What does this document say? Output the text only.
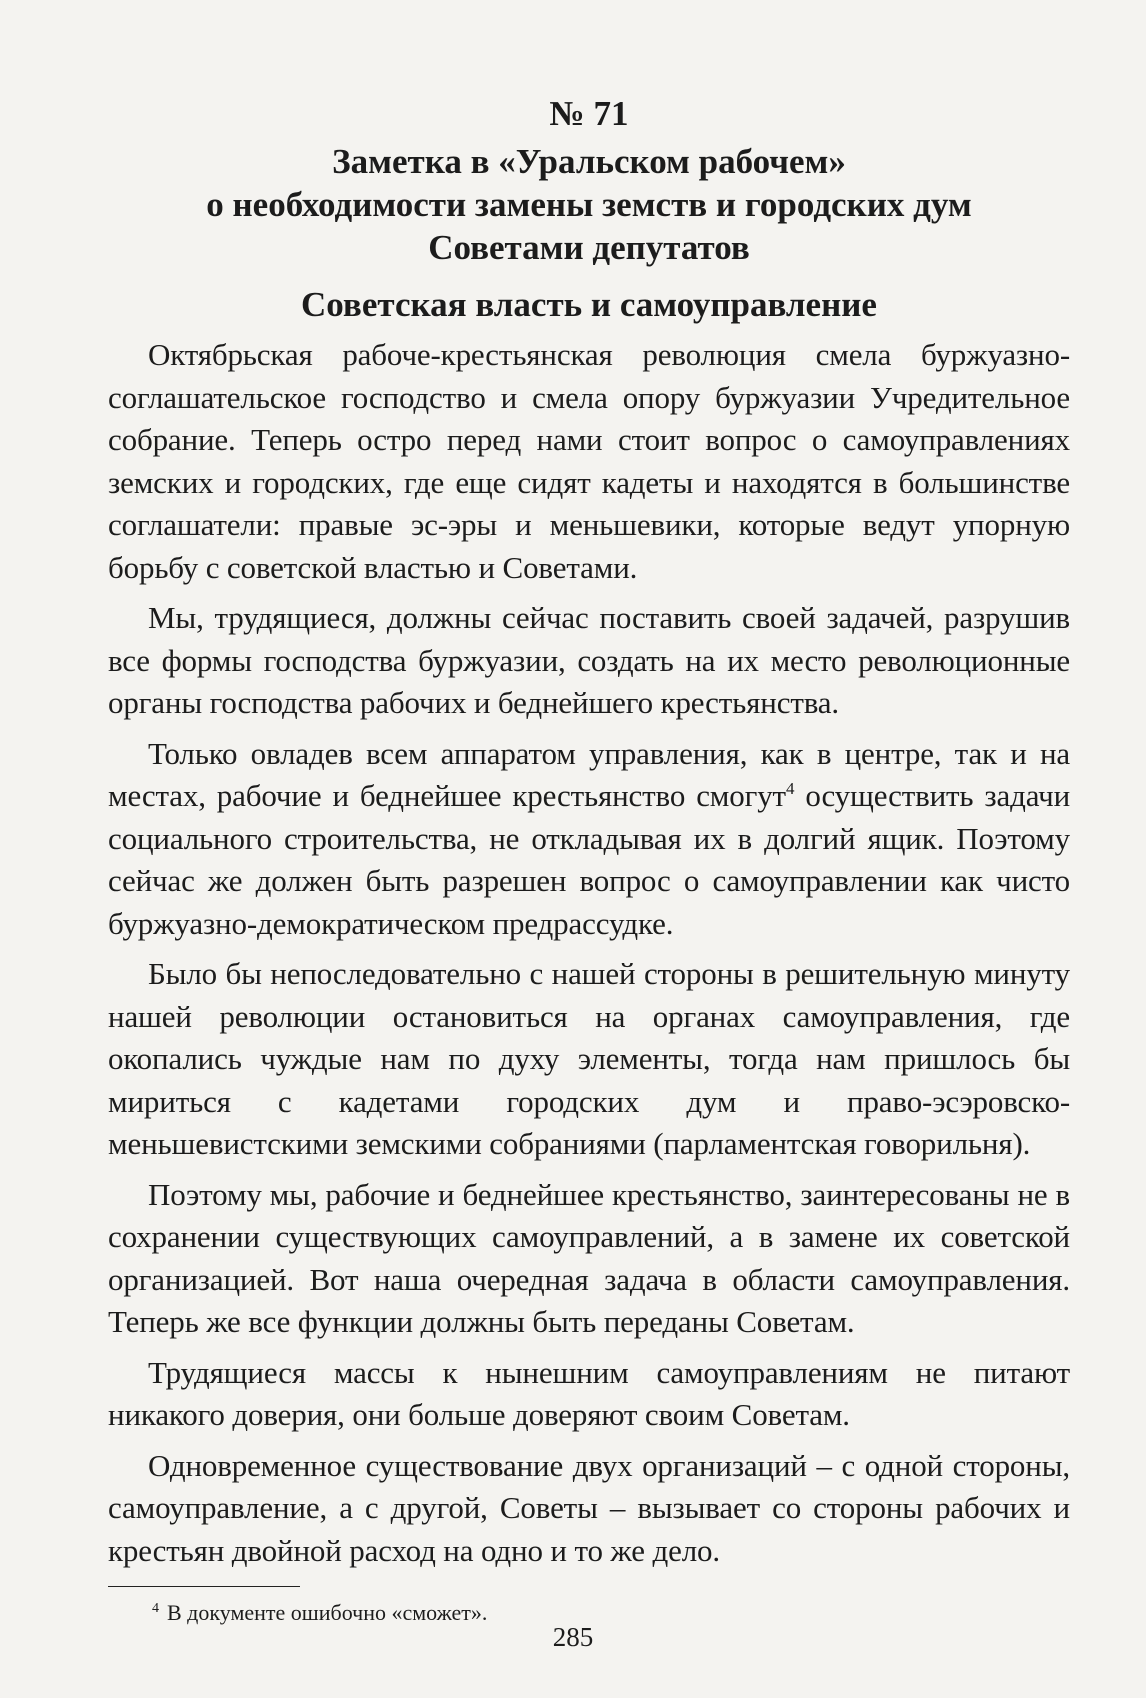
№ 71

Заметка в «Уральском рабочем»

о необходимости замены земств и городских дум

Советами депутатов

Советская власть и самоуправление

Октябрьская рабоче-крестьянская революция смела буржуазно-соглашательское господство и смела опору буржуазии Учредительное собрание. Теперь остро перед нами стоит вопрос о самоуправлениях земских и городских, где еще сидят кадеты и находятся в большинстве соглашатели: правые эс-эры и меньшевики, которые ведут упорную борьбу с советской властью и Советами.

Мы, трудящиеся, должны сейчас поставить своей задачей, разрушив все формы господства буржуазии, создать на их место революционные органы господства рабочих и беднейшего крестьянства.

Только овладев всем аппаратом управления, как в центре, так и на местах, рабочие и беднейшее крестьянство смогут$^4$ осуществить задачи социального строительства, не откладывая их в долгий ящик. Поэтому сейчас же должен быть разрешен вопрос о самоуправлении как чисто буржуазно-демократическом предрассудке.

Было бы непоследовательно с нашей стороны в решительную минуту нашей революции остановиться на органах самоуправления, где окопались чуждые нам по духу элементы, тогда нам пришлось бы мириться с кадетами городских дум и право-эсэровско-меньшевистскими земскими собраниями (парламентская говорильня).

Поэтому мы, рабочие и беднейшее крестьянство, заинтересованы не в сохранении существующих самоуправлений, а в замене их советской организацией. Вот наша очередная задача в области самоуправления. Теперь же все функции должны быть переданы Советам.

Трудящиеся массы к нынешним самоуправлениям не питают никакого доверия, они больше доверяют своим Советам.

Одновременное существование двух организаций – с одной стороны, самоуправление, а с другой, Советы – вызывает со стороны рабочих и крестьян двойной расход на одно и то же дело.

$^4$ В документе ошибочно «сможет».

285
